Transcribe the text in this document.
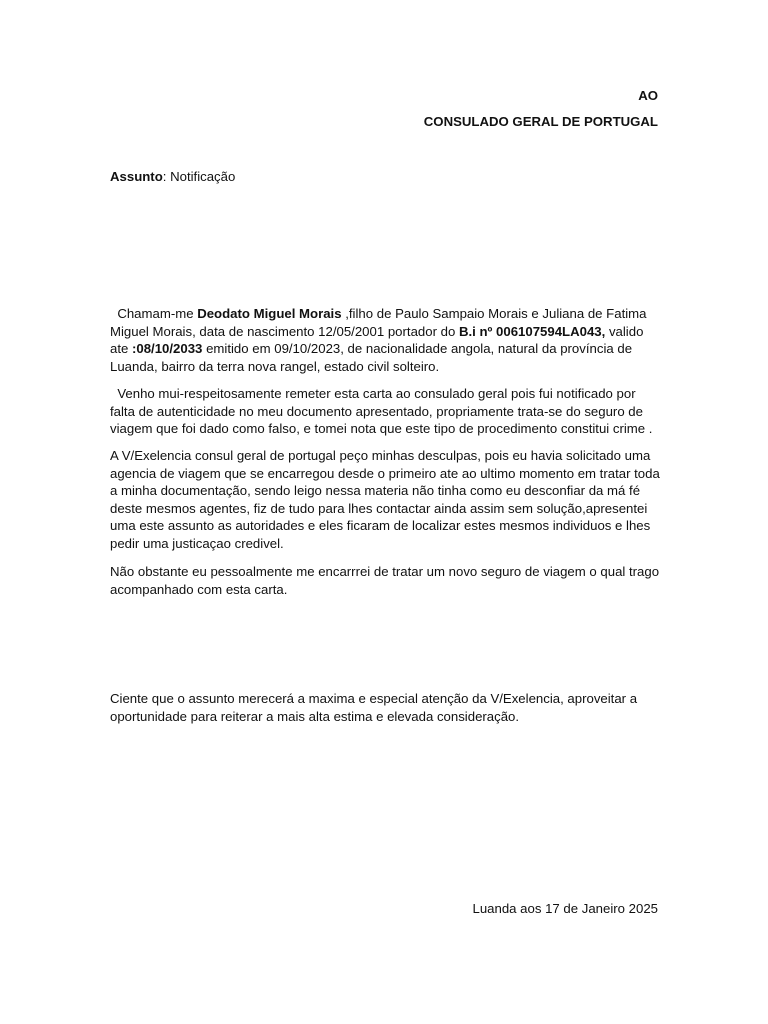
AO
CONSULADO GERAL DE PORTUGAL
Assunto: Notificação
Chamam-me Deodato Miguel Morais ,filho de Paulo Sampaio Morais e Juliana de Fatima Miguel Morais, data de nascimento 12/05/2001 portador do B.i nº 006107594LA043, valido ate :08/10/2033 emitido em 09/10/2023, de nacionalidade angola, natural da província de Luanda, bairro da terra nova rangel, estado civil solteiro.
Venho mui-respeitosamente remeter esta carta ao consulado geral pois fui notificado por falta de autenticidade no meu documento apresentado, propriamente trata-se do seguro de viagem que foi dado como falso, e tomei nota que este tipo de procedimento constitui crime .
A V/Exelencia consul geral de portugal peço minhas desculpas, pois eu havia solicitado uma agencia de viagem que se encarregou desde o primeiro ate ao ultimo momento em tratar toda a minha documentação, sendo leigo nessa materia não tinha como eu desconfiar da má fé deste mesmos agentes, fiz de tudo para lhes contactar ainda assim sem solução,apresentei uma este assunto as autoridades e eles ficaram de localizar estes mesmos individuos e lhes pedir uma justicaçao credivel.
Não obstante eu pessoalmente me encarrrei de tratar um novo seguro de viagem o qual trago acompanhado com esta carta.
Ciente que o assunto merecerá a maxima e especial atenção da V/Exelencia, aproveitar a oportunidade para reiterar a mais alta estima e elevada consideração.
Luanda aos 17 de Janeiro 2025
